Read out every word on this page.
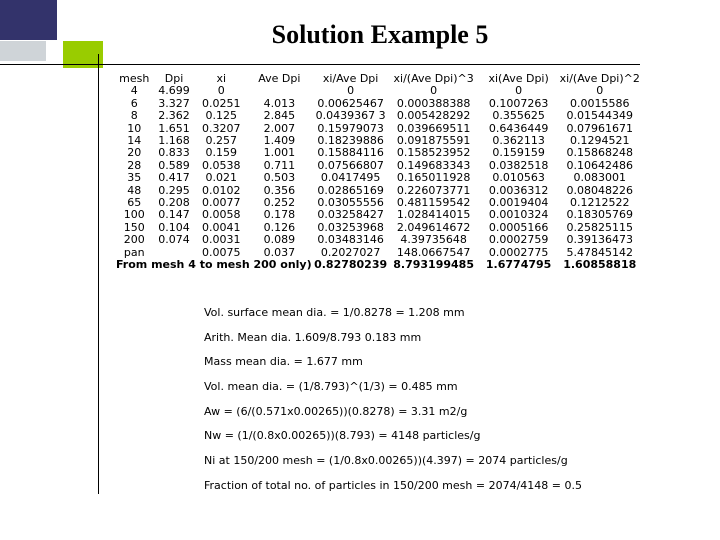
Solution Example 5
mesh	Dpi	xi	Ave Dpi	xi/Ave Dpi	xi/(Ave Dpi)^3	xi(Ave Dpi)	xi/(Ave Dpi)^2
4	4.699	0		0	0	0	0
6	3.327	0.0251	4.013	0.00625467	0.000388388	0.1007263	0.0015586
8	2.362	0.125	2.845	0.0439367 3	0.005428292	0.355625	0.01544349
10	1.651	0.3207	2.007	0.15979073	0.039669511	0.6436449	0.07961671
14	1.168	0.257	1.409	0.18239886	0.091875591	0.362113	0.1294521
20	0.833	0.159	1.001	0.15884116	0.158523952	0.159159	0.15868248
28	0.589	0.0538	0.711	0.07566807	0.149683343	0.0382518	0.10642486
35	0.417	0.021	0.503	0.0417495	0.165011928	0.010563	0.083001
48	0.295	0.0102	0.356	0.02865169	0.226073771	0.0036312	0.08048226
65	0.208	0.0077	0.252	0.03055556	0.481159542	0.0019404	0.1212522
100	0.147	0.0058	0.178	0.03258427	1.028414015	0.0010324	0.18305769
150	0.104	0.0041	0.126	0.03253968	2.049614672	0.0005166	0.25825115
200	0.074	0.0031	0.089	0.03483146	4.39735648	0.0002759	0.39136473
pan		0.0075	0.037	0.2027027	148.0667547	0.0002775	5.47845142
From mesh 4 to mesh 200 only)				0.82780239	8.793199485	1.6774795	1.60858818
Vol. surface mean dia. = 1/0.8278 = 1.208 mm
Arith. Mean dia. 1.609/8.793 0.183 mm
Mass mean dia. = 1.677 mm
Vol. mean dia. = (1/8.793)^(1/3) = 0.485 mm
Aw = (6/(0.571x0.00265))(0.8278) = 3.31 m2/g
Nw = (1/(0.8x0.00265))(8.793) = 4148 particles/g
Ni at 150/200 mesh = (1/0.8x0.00265))(4.397) = 2074 particles/g
Fraction of total no. of particles in 150/200 mesh = 2074/4148 = 0.5
